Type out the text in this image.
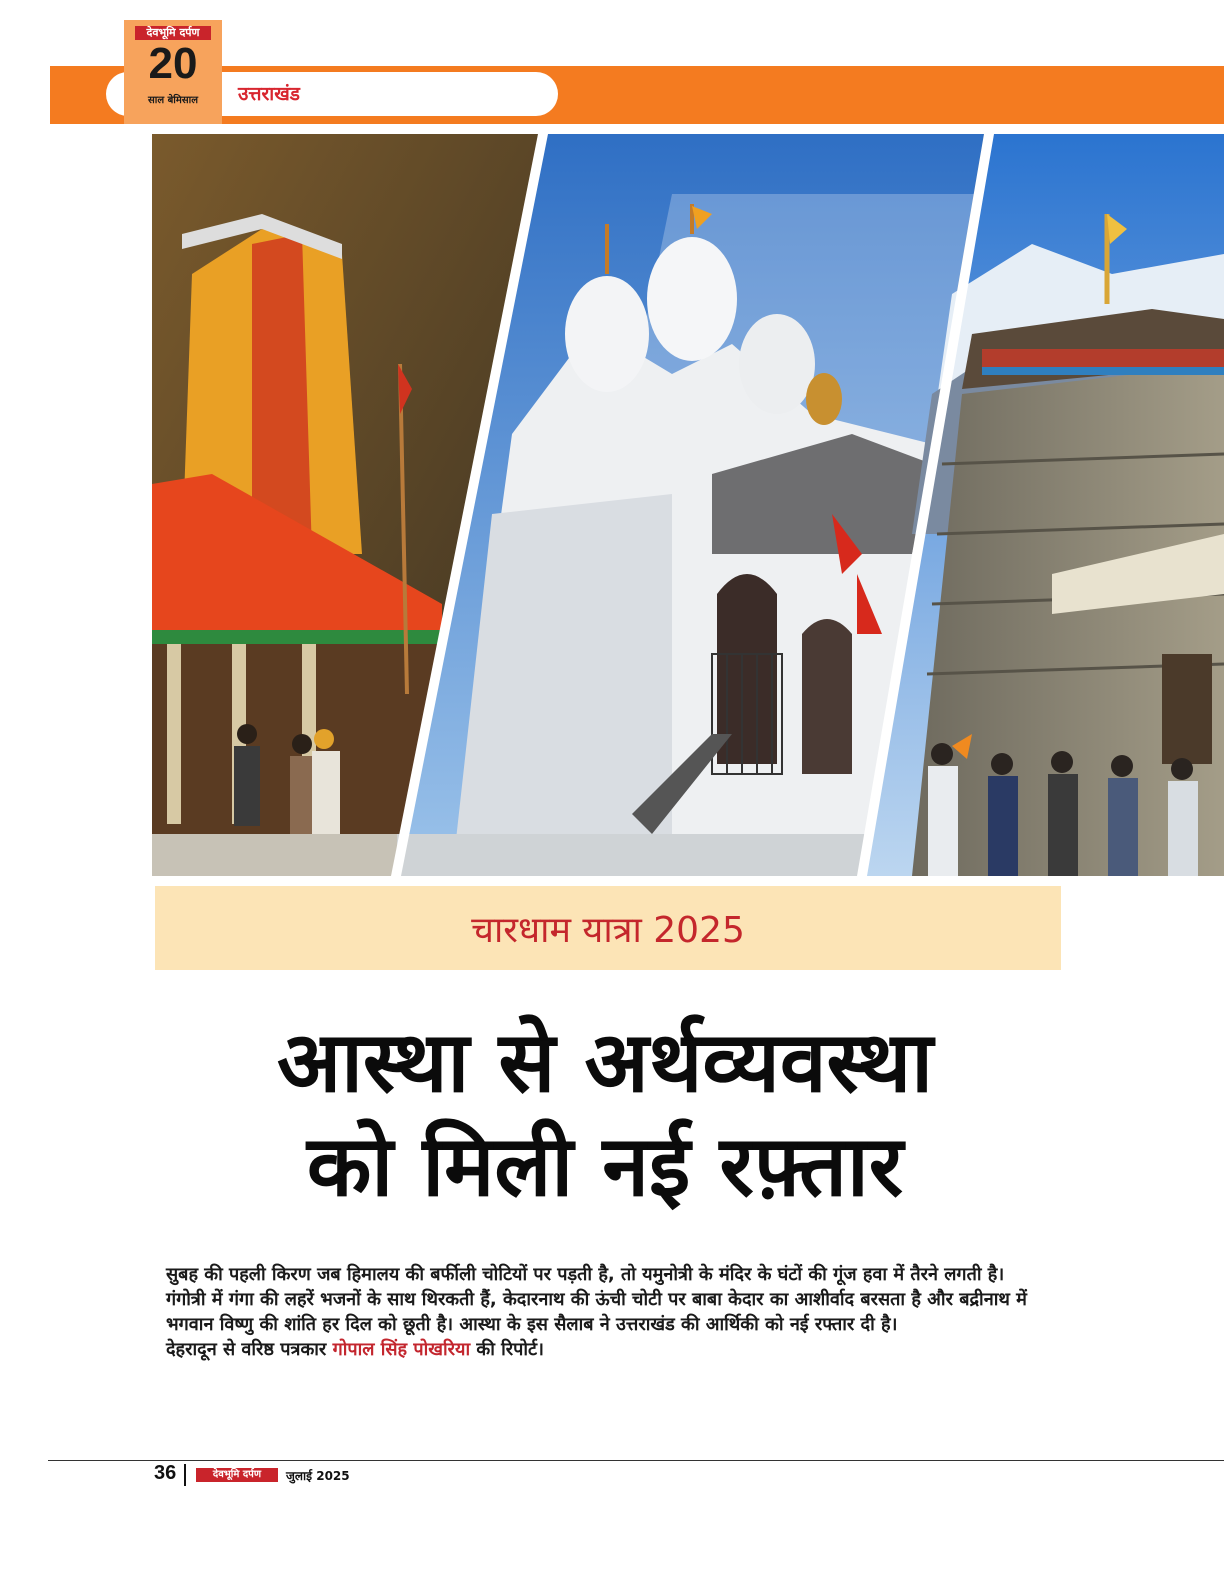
उत्तराखंड
देवभूमि दर्पण
20
साल बेमिसाल
चारधाम यात्रा 2025
आस्था से अर्थव्यवस्था
को मिली नई रफ़्तार

सुबह की पहली किरण जब हिमालय की बर्फीली चोटियों पर पड़ती है, तो यमुनोत्री के मंदिर के घंटों की गूंज हवा में तैरने लगती है। गंगोत्री में गंगा की लहरें भजनों के साथ थिरकती हैं, केदारनाथ की ऊंची चोटी पर बाबा केदार का आशीर्वाद बरसता है और बद्रीनाथ में भगवान विष्णु की शांति हर दिल को छूती है। आस्था के इस सैलाब ने उत्तराखंड की आर्थिकी को नई रफ्तार दी है।

देहरादून से वरिष्ठ पत्रकार गोपाल सिंह पोखरिया की रिपोर्ट।

36	देवभूमि दर्पण	जुलाई 2025
